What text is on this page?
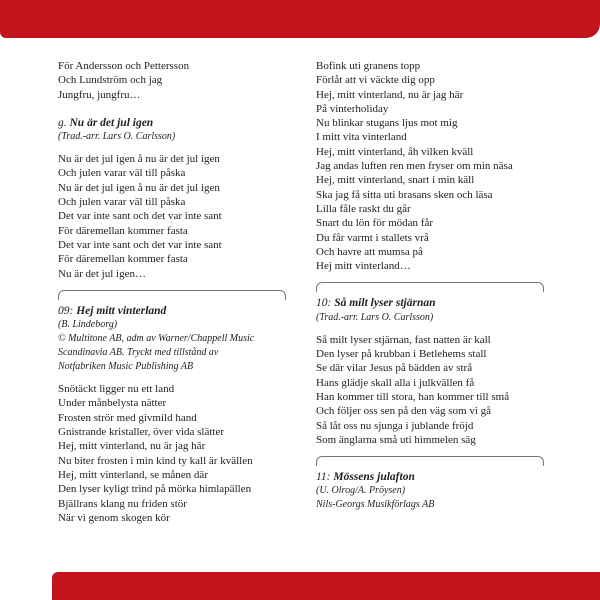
För Andersson och Pettersson
Och Lundström och jag
Jungfru, jungfru…
g. Nu är det jul igen
(Trad.-arr. Lars O. Carlsson)
Nu är det jul igen å nu är det jul igen
Och julen varar väl till påska
Nu är det jul igen å nu är det jul igen
Och julen varar väl till påska
Det var inte sant och det var inte sant
För däremellan kommer fasta
Det var inte sant och det var inte sant
För däremellan kommer fasta
Nu är det jul igen…
09: Hej mitt vinterland
(B. Lindeborg)
© Multitone AB, adm av Warner/Chappell Music
Scandinavia AB. Tryckt med tillstånd av
Notfabriken Music Publishing AB
Snötäckt ligger nu ett land
Under månbelysta nätter
Frosten strör med givmild hand
Gnistrande kristaller, över vida slätter
Hej, mitt vinterland, nu är jag här
Nu biter frosten i min kind ty kall är kvällen
Hej, mitt vinterland, se månen där
Den lyser kyligt trind på mörka himlapällen
Bjällrans klang nu friden stör
När vi genom skogen kör
Bofink uti granens topp
Förlåt att vi väckte dig opp
Hej, mitt vinterland, nu är jag här
På vinterholiday
Nu blinkar stugans ljus mot mig
I mitt vita vinterland
Hej, mitt vinterland, åh vilken kväll
Jag andas luften ren men fryser om min näsa
Hej, mitt vinterland, snart i min käll
Ska jag få sitta uti brasans sken och läsa
Lilla fåle raskt du går
Snart du lön för mödan får
Du får varmt i stallets vrå
Och havre att mumsa på
Hej mitt vinterland…
10: Så milt lyser stjärnan
(Trad.-arr. Lars O. Carlsson)
Så milt lyser stjärnan, fast natten är kall
Den lyser på krubban i Betlehems stall
Se där vilar Jesus på bädden av strå
Hans glädje skall alla i julkvällen få
Han kommer till stora, han kommer till små
Och följer oss sen på den väg som vi gå
Så låt oss nu sjunga i jublande fröjd
Som änglarna små uti himmelen säg
11: Mössens julafton
(U. Olrog/A. Pröysen)
Nils-Georgs Musikförlags AB
